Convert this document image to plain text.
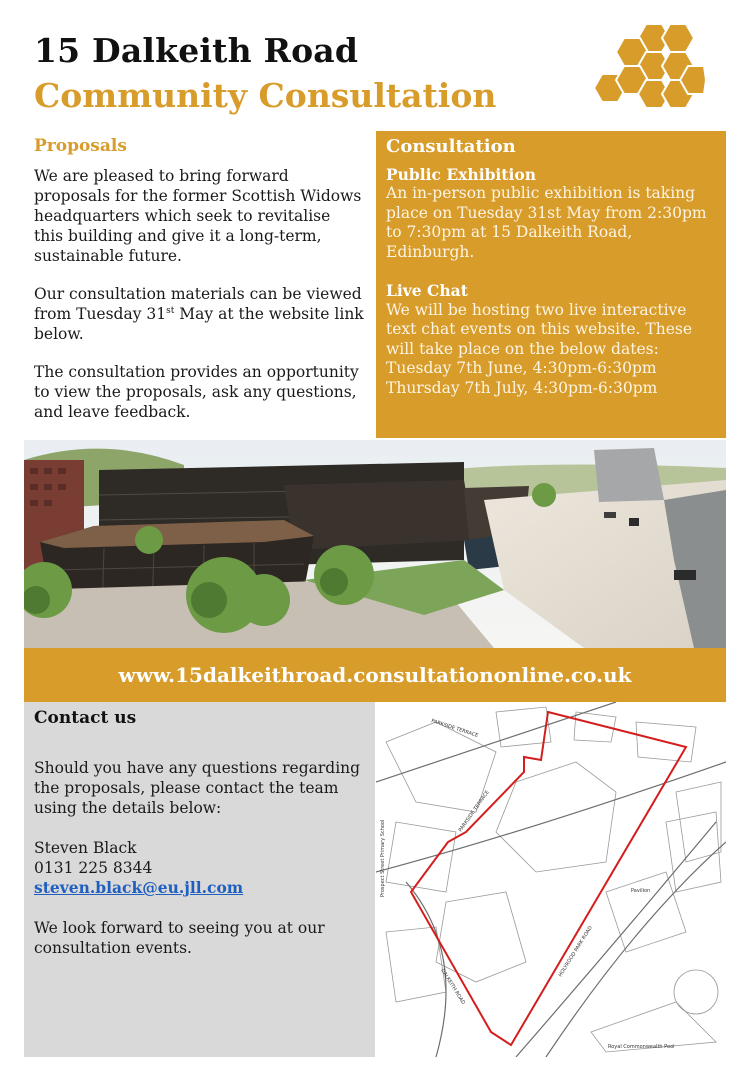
15 Dalkeith Road
Community Consultation
Proposals

We are pleased to bring forward proposals for the former Scottish Widows headquarters which seek to revitalise this building and give it a long-term, sustainable future.

Our consultation materials can be viewed from Tuesday 31st May at the website link below.

The consultation provides an opportunity to view the proposals, ask any questions, and leave feedback.

Consultation
Public Exhibition

An in-person public exhibition is taking place on Tuesday 31st May from 2:30pm to 7:30pm at 15 Dalkeith Road, Edinburgh.

Live Chat

We will be hosting two live interactive text chat events on this website. These will take place on the below dates:
Tuesday 7th June, 4:30pm-6:30pm
Thursday 7th July, 4:30pm-6:30pm

www.15dalkeithroad.consultationonline.co.uk
Contact us

Should you have any questions regarding the proposals, please contact the team using the details below:

Steven Black
0131 225 8344
steven.black@eu.jll.com

We look forward to seeing you at our consultation events.

PARKSIDE TERRACE
PARKSIDE TERRACE
HOLYROOD PARK ROAD
DALKEITH ROAD
Pavilion
Royal Commonwealth Pool
Prospect Street Primary School
